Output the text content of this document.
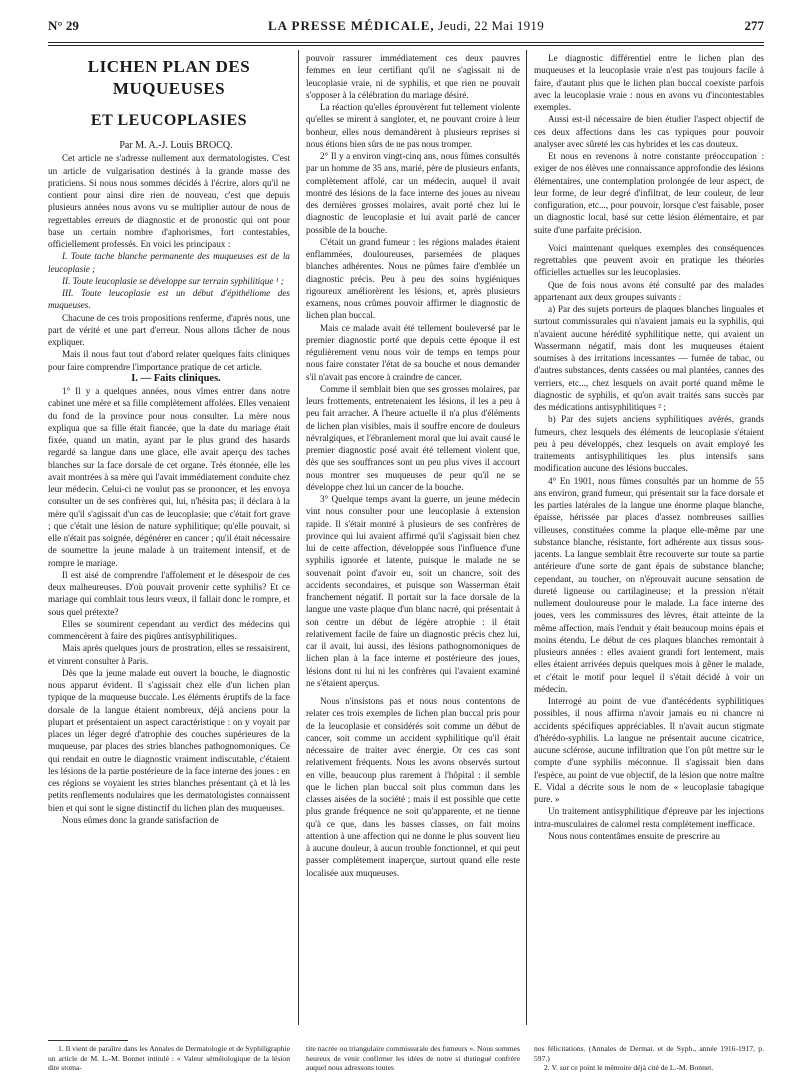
N° 29	LA PRESSE MÉDICALE, Jeudi, 22 Mai 1919	277
LICHEN PLAN DES MUQUEUSES
ET LEUCOPLASIES

Par M. A.-J. Louis BROCQ.

Cet article ne s'adresse nullement aux dermatologistes. C'est un article de vulgarisation destinés à la grande masse des praticiens. Si nous nous sommes décidés à l'écrire, alors qu'il ne contient pour ainsi dire rien de nouveau, c'est que depuis plusieurs années nous avons vu se multiplier autour de nous de regrettables erreurs de diagnostic et de pronostic qui ont pour base un certain nombre d'aphorismes, fort contestables, officiellement professés. En voici les principaux :

I. Toute tache blanche permanente des muqueuses est de la leucoplasie ;

II. Toute leucoplasie se développe sur terrain syphilitique ¹ ;

III. Toute leucoplasie est un début d'épithéliome des muqueuses.

Chacune de ces trois propositions renferme, d'après nous, une part de vérité et une part d'erreur. Nous allons tâcher de nous expliquer.

Mais il nous faut tout d'abord relater quelques faits cliniques pour faire comprendre l'importance pratique de cet article.

I. — Faits cliniques.

1° Il y a quelques années, nous vîmes entrer dans notre cabinet une mère et sa fille complètement affolées. Elles venaient du fond de la province pour nous consulter. La mère nous expliqua que sa fille était fiancée, que la date du mariage était fixée, quand un matin, ayant par le plus grand des hasards regardé sa langue dans une glace, elle avait aperçu des taches blanches sur la face dorsale de cet organe. Très étonnée, elle les avait montrées à sa mère qui l'avait immédiatement conduite chez leur médecin. Celui-ci ne voulut pas se prononcer, et les envoya consulter un de ses confrères qui, lui, n'hésita pas; il déclara à la mère qu'il s'agissait d'un cas de leucoplasie; que c'était fort grave ; que c'était une lésion de nature syphilitique; qu'elle pouvait, si elle n'était pas soignée, dégénérer en cancer ; qu'il était nécessaire de soumettre la jeune malade à un traitement intensif, et de rompre le mariage.

Il est aisé de comprendre l'affolement et le désespoir de ces deux malheureuses. D'où pouvait provenir cette syphilis? Et ce mariage qui comblait tous leurs vœux, il fallait donc le rompre, et sous quel prétexte?

Elles se soumirent cependant au verdict des médecins qui commencèrent à faire des piqûres antisyphilitiques.

Mais après quelques jours de prostration, elles se ressaisirent, et vinrent consulter à Paris.

Dès que la jeune malade eut ouvert la bouche, le diagnostic nous apparut évident. Il s'agissait chez elle d'un lichen plan typique de la muqueuse buccale. Les éléments éruptifs de la face dorsale de la langue étaient nombreux, déjà anciens pour la plupart et présentaient un aspect caractéristique : on y voyait par places un léger degré d'atrophie des couches supérieures de la muqueuse, par places des stries blanches pathognomoniques. Ce qui rendait en outre le diagnostic vraiment indiscutable, c'étaient les lésions de la partie postérieure de la face interne des joues : en ces régions se voyaient les stries blanches présentant çà et là les petits renflements nodulaires que les dermatologistes connaissent bien et qui sont le signe distinctif du lichen plan des muqueuses.

Nous eûmes donc la grande satisfaction de

pouvoir rassurer immédiatement ces deux pauvres femmes en leur certifiant qu'il ne s'agissait ni de leucoplasie vraie, ni de syphilis, et que rien ne pouvait s'opposer à la célébration du mariage désiré.

La réaction qu'elles éprouvèrent fut tellement violente qu'elles se mirent à sangloter, et, ne pouvant croire à leur bonheur, elles nous demandèrent à plusieurs reprises si nous étions bien sûrs de ne pas nous tromper.

2° Il y a environ vingt-cinq ans, nous fûmes consultés par un homme de 35 ans, marié, père de plusieurs enfants, complètement affolé, car un médecin, auquel il avait montré des lésions de la face interne des joues au niveau des dernières grosses molaires, avait porté chez lui le diagnostic de leucoplasie et lui avait parlé de cancer possible de la bouche.

C'était un grand fumeur : les régions malades étaient enflammées, douloureuses, parsemées de plaques blanches adhérentes. Nous ne pûmes faire d'emblée un diagnostic précis. Peu à peu des soins hygiéniques rigoureux améliorèrent les lésions, et, après plusieurs examens, nous crûmes pouvoir affirmer le diagnostic de lichen plan buccal.

Mais ce malade avait été tellement bouleversé par le premier diagnostic porté que depuis cette époque il est régulièrement venu nous voir de temps en temps pour nous faire constater l'état de sa bouche et nous demander s'il n'avait pas encore à craindre de cancer.

Comme il semblait bien que ses grosses molaires, par leurs frottements, entretenaient les lésions, il les a peu à peu fait arracher. A l'heure actuelle il n'a plus d'éléments de lichen plan visibles, mais il souffre encore de douleurs névralgiques, et l'ébranlement moral que lui avait causé le premier diagnostic posé avait été tellement violent que, dès que ses souffrances sont un peu plus vives il accourt nous montrer ses muqueuses de peur qu'il ne se développe chez lui un cancer de la bouche.

3° Quelque temps avant la guerre, un jeune médecin vint nous consulter pour une leucoplasie à extension rapide. Il s'était montré à plusieurs de ses confrères de province qui lui avaient affirmé qu'il s'agissait bien chez lui de cette affection, développée sous l'influence d'une syphilis ignorée et latente, puisque le malade ne se souvenait point d'avoir eu, soit un chancre, soit des accidents secondaires, et puisque son Wasserman était franchement négatif. Il portait sur la face dorsale de la langue une vaste plaque d'un blanc nacré, qui présentait à son centre un début de légère atrophie : il était relativement facile de faire un diagnostic précis chez lui, car il avait, lui aussi, des lésions pathognomoniques de lichen plan à la face interne et postérieure des joues, lésions dont ni lui ni les confrères qui l'avaient examiné ne s'étaient aperçus.

Nous n'insistons pas et nous nous contentons de relater ces trois exemples de lichen plan buccal pris pour de la leucoplasie et considérés soit comme un début de cancer, soit comme un accident syphilitique qu'il était nécessaire de traiter avec énergie. Or ces cas sont relativement fréquents. Nous les avons observés surtout en ville, beaucoup plus rarement à l'hôpital : il semble que le lichen plan buccal soit plus commun dans les classes aisées de la société ; mais il est possible que cette plus grande fréquence ne soit qu'apparente, et ne tienne qu'à ce que, dans les basses classes, on fait moins attention à une affection qui ne donne le plus souvent lieu à aucune douleur, à aucun trouble fonctionnel, et qui peut passer complètement inaperçue, surtout quand elle reste localisée aux muqueuses.

Le diagnostic différentiel entre le lichen plan des muqueuses et la leucoplasie vraie n'est pas toujours facile à faire, d'autant plus que le lichen plan buccal coexiste parfois avec la leucoplasie vraie : nous en avons vu d'incontestables exemples.

Aussi est-il nécessaire de bien étudier l'aspect objectif de ces deux affections dans les cas typiques pour pouvoir analyser avec sûreté les cas hybrides et les cas douteux.

Et nous en revenons à notre constante préoccupation : exiger de nos élèves une connaissance approfondie des lésions élémentaires, une contemplation prolongée de leur aspect, de leur forme, de leur degré d'infiltrat, de leur couleur, de leur configuration, etc..., pour pouvoir, lorsque c'est faisable, poser un diagnostic local, basé sur cette lésion élémentaire, et par suite d'une parfaite précision.

Voici maintenant quelques exemples des conséquences regrettables que peuvent avoir en pratique les théories officielles actuelles sur les leucoplasies.

Que de fois nous avons été consulté par des malades appartenant aux deux groupes suivants :

a) Par des sujets porteurs de plaques blanches linguales et surtout commissurales qui n'avaient jamais eu la syphilis, qui n'avaient aucune hérédité syphilitique nette, qui avaient un Wassermann négatif, mais dont les muqueuses étaient soumises à des irritations incessantes — fumée de tabac, ou d'autres substances, dents cassées ou mal plantées, cannes des verriers, etc..., chez lesquels on avait porté quand même le diagnostic de syphilis, et qu'on avait traités sans succès par des médications antisyphilitiques ² ;

b) Par des sujets anciens syphilitiques avérés, grands fumeurs, chez lesquels des éléments de leucoplasie s'étaient peu à peu développés, chez lesquels on avait employé les traitements antisyphilitiques les plus intensifs sans modification aucune des lésions buccales.

4° En 1901, nous fûmes consultés par un homme de 55 ans environ, grand fumeur, qui présentait sur la face dorsale et les parties latérales de la langue une énorme plaque blanche, épaisse, hérissée par places d'assez nombreuses saillies villeuses, constituées comme la plaque elle-même par une substance blanche, résistante, fort adhérente aux tissus sous-jacents. La langue semblait être recouverte sur toute sa partie antérieure d'une sorte de gant épais de substance blanche; cependant, au toucher, on n'éprouvait aucune sensation de dureté ligneuse ou cartilagineuse; et la pression n'était nullement douloureuse pour le malade. La face interne des joues, vers les commissures des lèvres, était atteinte de la même affection, mais l'enduit y était beaucoup moins épais et moins étendu. Le début de ces plaques blanches remontait à plusieurs années : elles avaient grandi fort lentement, mais elles étaient arrivées depuis quelques mois à gêner le malade, et c'était le motif pour lequel il s'était décidé à voir un médecin.

Interrogé au point de vue d'antécédents syphilitiques possibles, il nous affirma n'avoir jamais eu ni chancre ni accidents spécifiques appréciables. Il n'avait aucun stigmate d'hérédo-syphilis. La langue ne présentait aucune cicatrice, aucune sclérose, aucune infiltration que l'on pût mettre sur le compte d'une syphilis méconnue. Il s'agissait bien dans l'espèce, au point de vue objectif, de la lésion que notre maître E. Vidal a décrite sous le nom de « leucoplasie tabagique pure. »

Un traitement antisyphilitique d'épreuve par les injections intra-musculaires de calomel resta complètement inefficace.

Nous nous contentâmes ensuite de prescrire au

1. Il vient de paraître dans les Annales de Dermatologie et de Syphiligraphie un article de M. L.-M. Bonnet intitulé : « Valeur séméiologique de la lésion dite stoma-

tite nacrée ou triangulaire commissurale des fumeurs ». Nous sommes heureux de venir confirmer les idées de notre si distingué confrère auquel nous adressons toutes

nos félicitations. (Annales de Dermat. et de Syph., année 1916-1917, p. 597.)

2. V. sur ce point le mémoire déjà cité de L.-M. Bonnet.
